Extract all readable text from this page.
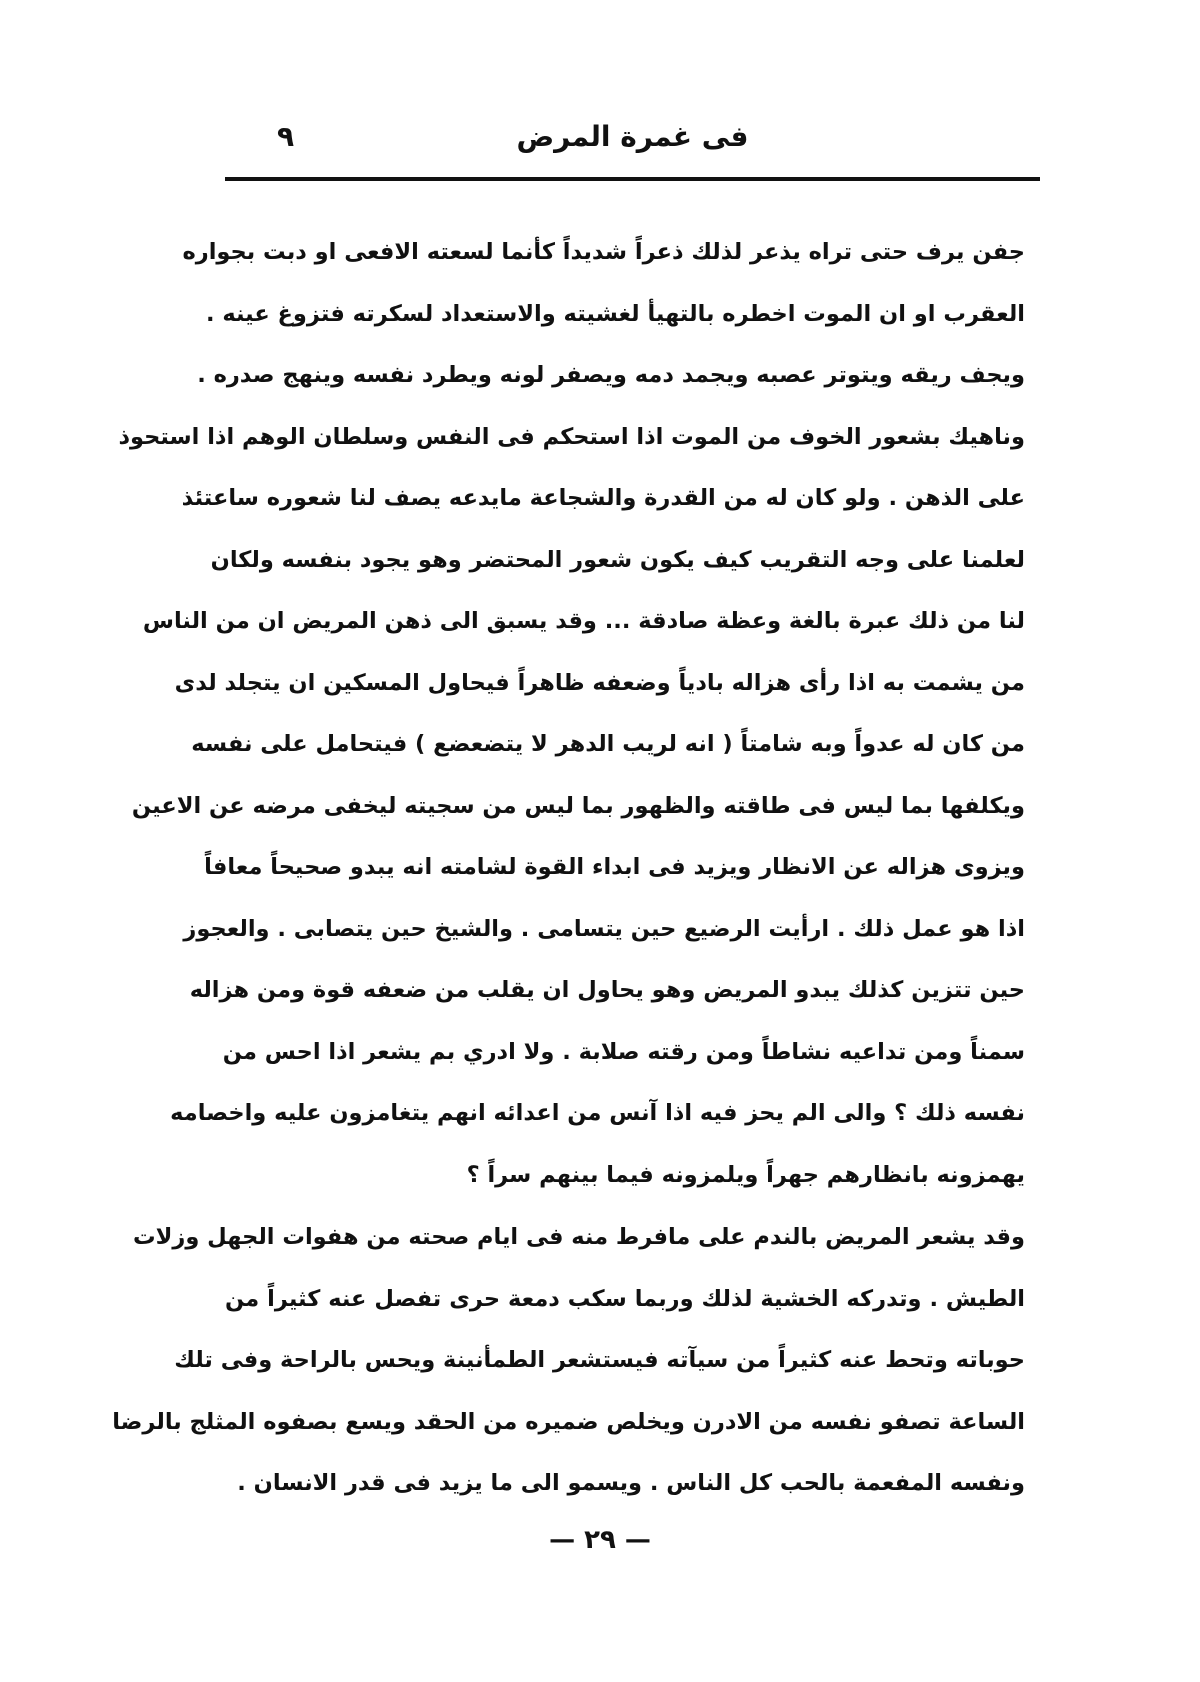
فى غمرة المرض
٩
جفن يرف حتى تراه يذعر لذلك ذعراً شديداً كأنما لسعته الافعى او دبت بجواره
العقرب او ان الموت اخطره بالتهيأ لغشيته والاستعداد لسكرته فتزوغ عينه .
ويجف ريقه ويتوتر عصبه ويجمد دمه ويصفر لونه ويطرد نفسه وينهج صدره .
وناهيك بشعور الخوف من الموت اذا استحكم فى النفس وسلطان الوهم اذا استحوذ
على الذهن . ولو كان له من القدرة والشجاعة مايدعه يصف لنا شعوره ساعتئذ
لعلمنا على وجه التقريب كيف يكون شعور المحتضر وهو يجود بنفسه ولكان
لنا من ذلك عبرة بالغة وعظة صادقة ... وقد يسبق الى ذهن المريض ان من الناس
من يشمت به اذا رأى هزاله بادياً وضعفه ظاهراً فيحاول المسكين ان يتجلد لدى
من كان له عدواً وبه شامتاً ( انه لريب الدهر لا يتضعضع ) فيتحامل على نفسه
ويكلفها بما ليس فى طاقته والظهور بما ليس من سجيته ليخفى مرضه عن الاعين
ويزوى هزاله عن الانظار ويزيد فى ابداء القوة لشامته انه يبدو صحيحاً معافاً
اذا هو عمل ذلك . ارأيت الرضيع حين يتسامى . والشيخ حين يتصابى . والعجوز
حين تتزين كذلك يبدو المريض وهو يحاول ان يقلب من ضعفه قوة ومن هزاله
سمناً ومن تداعيه نشاطاً ومن رقته صلابة . ولا ادري بم يشعر اذا احس من
نفسه ذلك ؟ والى الم يحز فيه اذا آنس من اعدائه انهم يتغامزون عليه واخصامه
يهمزونه بانظارهم جهراً ويلمزونه فيما بينهم سراً ؟
وقد يشعر المريض بالندم على مافرط منه فى ايام صحته من هفوات الجهل وزلات
الطيش . وتدركه الخشية لذلك وربما سكب دمعة حرى تفصل عنه كثيراً من
حوباته وتحط عنه كثيراً من سيآته فيستشعر الطمأنينة ويحس بالراحة وفى تلك
الساعة تصفو نفسه من الادرن ويخلص ضميره من الحقد ويسع بصفوه المثلج بالرضا
ونفسه المفعمة بالحب كل الناس . ويسمو الى ما يزيد فى قدر الانسان .
— ٢٩ —
